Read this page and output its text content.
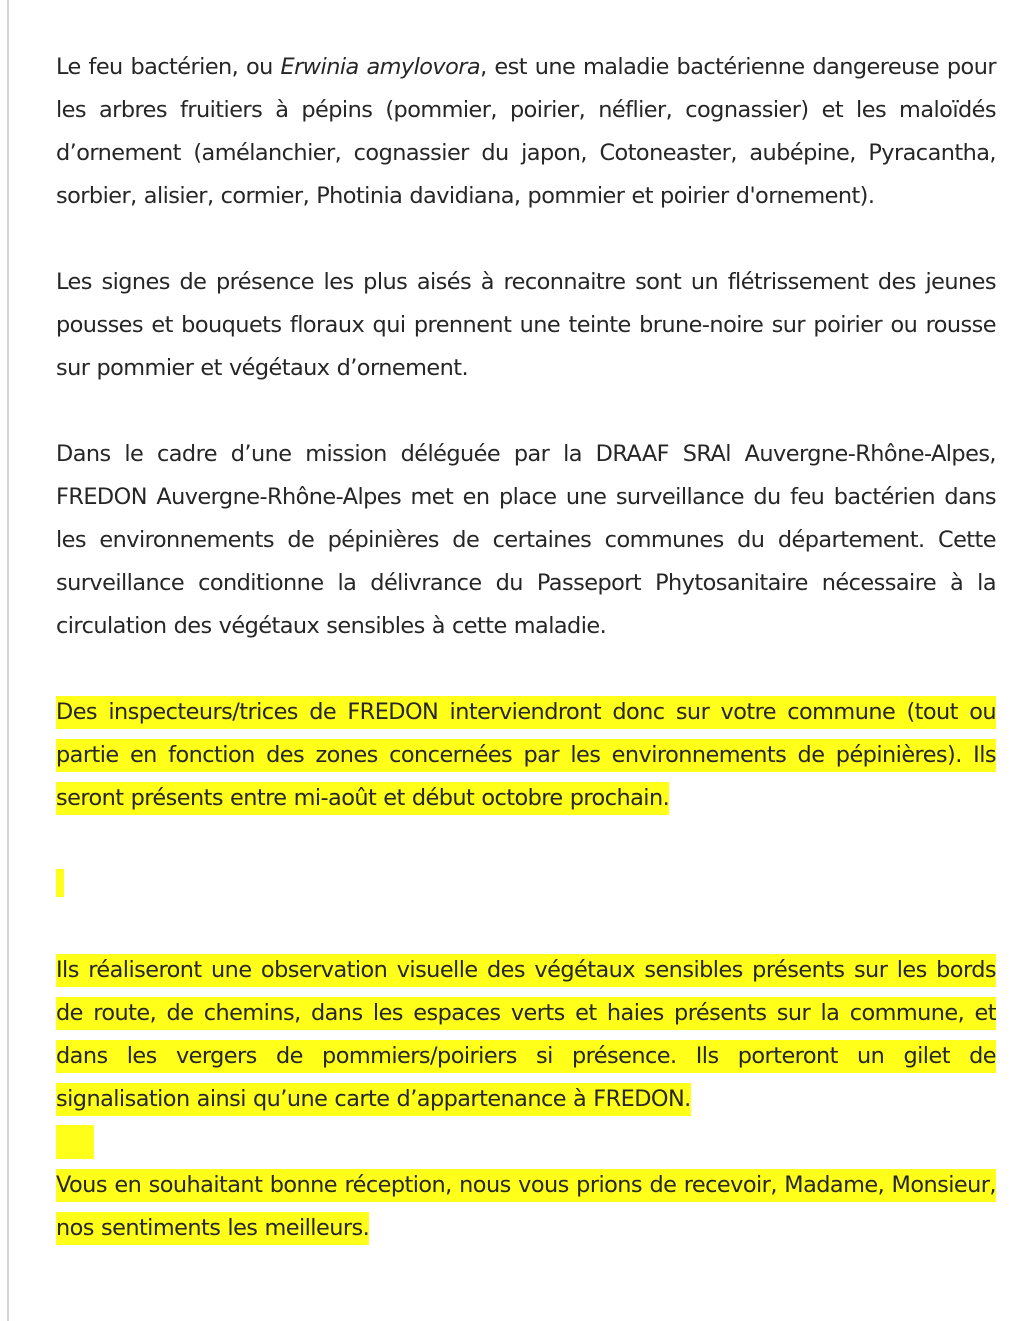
Le feu bactérien, ou Erwinia amylovora, est une maladie bactérienne dangereuse pour les arbres fruitiers à pépins (pommier, poirier, néflier, cognassier) et les maloïdés d’ornement (amélanchier, cognassier du japon, Cotoneaster, aubépine, Pyracantha, sorbier, alisier, cormier, Photinia davidiana, pommier et poirier d'ornement).

Les signes de présence les plus aisés à reconnaitre sont un flétrissement des jeunes pousses et bouquets floraux qui prennent une teinte brune-noire sur poirier ou rousse sur pommier et végétaux d’ornement.

Dans le cadre d’une mission déléguée par la DRAAF SRAl Auvergne-Rhône-Alpes, FREDON Auvergne-Rhône-Alpes met en place une surveillance du feu bactérien dans les environnements de pépinières de certaines communes du département. Cette surveillance conditionne la délivrance du Passeport Phytosanitaire nécessaire à la circulation des végétaux sensibles à cette maladie.

Des inspecteurs/trices de FREDON interviendront donc sur votre commune (tout ou partie en fonction des zones concernées par les environnements de pépinières). Ils seront présents entre mi-août et début octobre prochain.

Ils réaliseront une observation visuelle des végétaux sensibles présents sur les bords de route, de chemins, dans les espaces verts et haies présents sur la commune, et dans les vergers de pommiers/poiriers si présence. Ils porteront un gilet de signalisation ainsi qu’une carte d’appartenance à FREDON.

Vous en souhaitant bonne réception, nous vous prions de recevoir, Madame, Monsieur, nos sentiments les meilleurs.
